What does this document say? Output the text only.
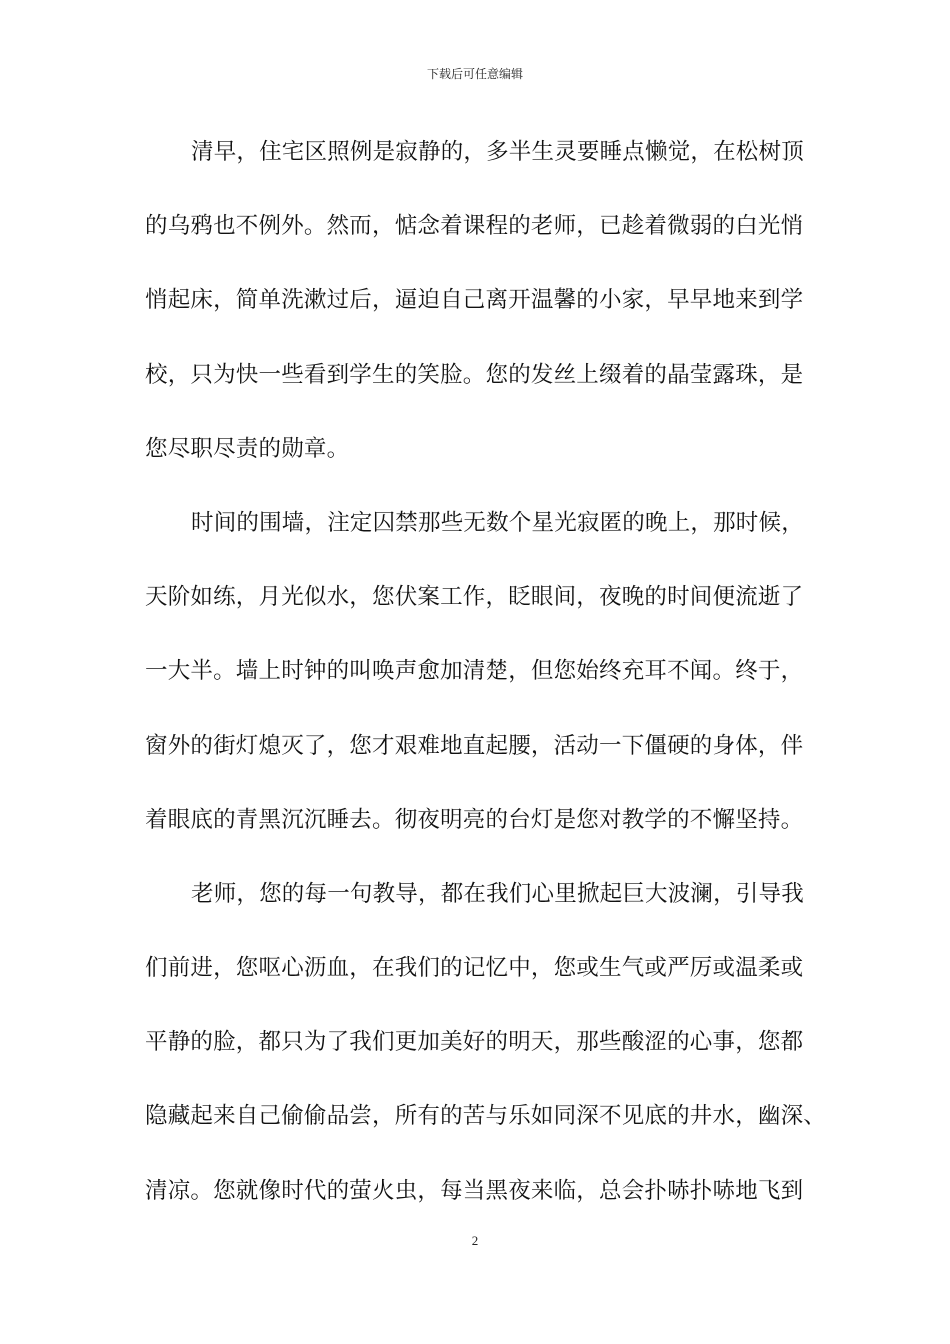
下载后可任意编辑
清早，住宅区照例是寂静的，多半生灵要睡点懒觉，在松树顶
的乌鸦也不例外。然而，惦念着课程的老师，已趁着微弱的白光悄
悄起床，简单洗漱过后，逼迫自己离开温馨的小家，早早地来到学
校，只为快一些看到学生的笑脸。您的发丝上缀着的晶莹露珠，是
您尽职尽责的勋章。
时间的围墙，注定囚禁那些无数个星光寂匿的晚上，那时候，
天阶如练，月光似水，您伏案工作，眨眼间，夜晚的时间便流逝了
一大半。墙上时钟的叫唤声愈加清楚，但您始终充耳不闻。终于，
窗外的街灯熄灭了，您才艰难地直起腰，活动一下僵硬的身体，伴
着眼底的青黑沉沉睡去。彻夜明亮的台灯是您对教学的不懈坚持。
老师，您的每一句教导，都在我们心里掀起巨大波澜，引导我
们前进，您呕心沥血，在我们的记忆中，您或生气或严厉或温柔或
平静的脸，都只为了我们更加美好的明天，那些酸涩的心事，您都
隐藏起来自己偷偷品尝，所有的苦与乐如同深不见底的井水，幽深、
清凉。您就像时代的萤火虫，每当黑夜来临，总会扑哧扑哧地飞到
2
